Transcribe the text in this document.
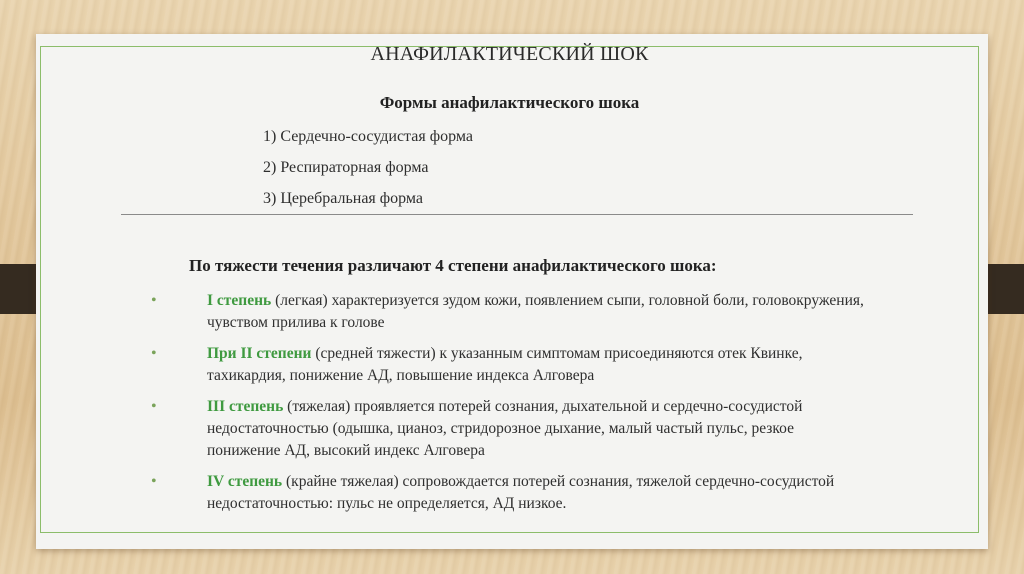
АНАФИЛАКТИЧЕСКИЙ ШОК
Формы анафилактического шока
1) Сердечно-сосудистая форма
2) Респираторная форма
3) Церебральная форма
По тяжести течения различают 4 степени анафилактического шока:
•	I степень (легкая) характеризуется зудом кожи, появлением сыпи, головной боли, головокружения, чувством прилива к голове
•	При II степени (средней тяжести) к указанным симптомам присоединяются отек Квинке, тахикардия, понижение АД, повышение индекса Алговера
•	III степень (тяжелая) проявляется потерей сознания, дыхательной и сердечно-сосудистой недостаточностью (одышка, цианоз, стридорозное дыхание, малый частый пульс, резкое понижение АД, высокий индекс Алговера
•	IV степень (крайне тяжелая) сопровождается потерей сознания, тяжелой сердечно-сосудистой недостаточностью: пульс не определяется, АД низкое.
